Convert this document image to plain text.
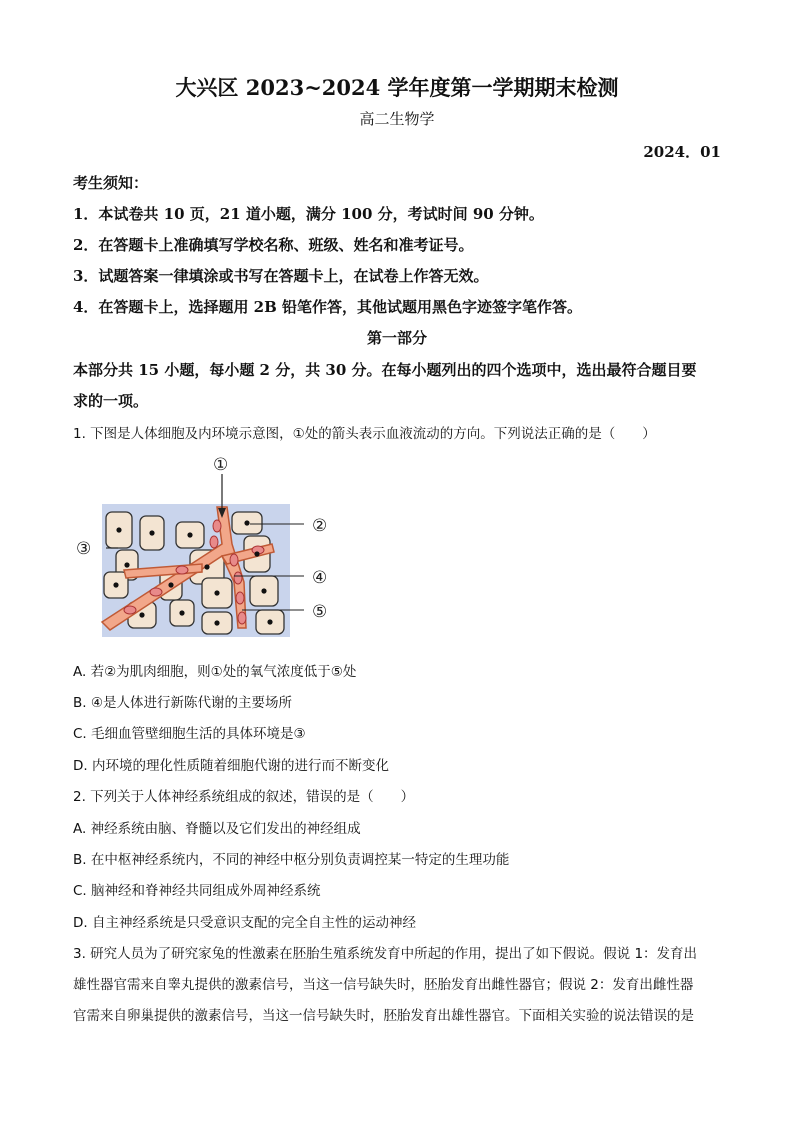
大兴区 2023~2024 学年度第一学期期末检测
高二生物学
2024．01
考生须知：
1．本试卷共 10 页，21 道小题，满分 100 分，考试时间 90 分钟。
2．在答题卡上准确填写学校名称、班级、姓名和准考证号。
3．试题答案一律填涂或书写在答题卡上，在试卷上作答无效。
4．在答题卡上，选择题用 2B 铅笔作答，其他试题用黑色字迹签字笔作答。
第一部分
本部分共 15 小题，每小题 2 分，共 30 分。在每小题列出的四个选项中，选出最符合题目要
求的一项。
1. 下图是人体细胞及内环境示意图，①处的箭头表示血液流动的方向。下列说法正确的是（　　）
①
②
③
④
⑤
A. 若②为肌肉细胞，则①处的氧气浓度低于⑤处
B. ④是人体进行新陈代谢的主要场所
C. 毛细血管壁细胞生活的具体环境是③
D. 内环境的理化性质随着细胞代谢的进行而不断变化
2. 下列关于人体神经系统组成的叙述，错误的是（　　）
A. 神经系统由脑、脊髓以及它们发出的神经组成
B. 在中枢神经系统内，不同的神经中枢分别负责调控某一特定的生理功能
C. 脑神经和脊神经共同组成外周神经系统
D. 自主神经系统是只受意识支配的完全自主性的运动神经
3. 研究人员为了研究家兔的性激素在胚胎生殖系统发育中所起的作用，提出了如下假说。假说 1：发育出
雄性器官需来自睾丸提供的激素信号，当这一信号缺失时，胚胎发育出雌性器官；假说 2：发育出雌性器
官需来自卵巢提供的激素信号，当这一信号缺失时，胚胎发育出雄性器官。下面相关实验的说法错误的是
